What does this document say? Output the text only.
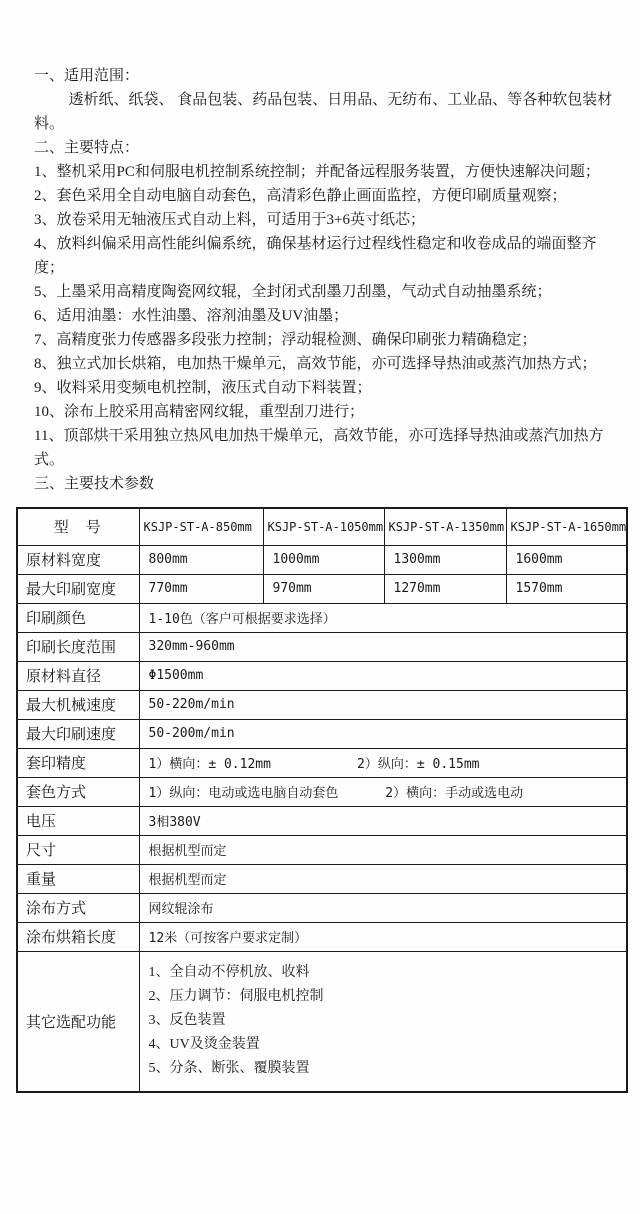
一、适用范围：

透析纸、纸袋、 食品包装、药品包装、日用品、无纺布、工业品、等各种软包装材料。

二、主要特点：

1、整机采用PC和伺服电机控制系统控制；并配备远程服务装置，方便快速解决问题；

2、套色采用全自动电脑自动套色，高清彩色静止画面监控，方便印刷质量观察；

3、放卷采用无轴液压式自动上料，可适用于3+6英寸纸芯；

4、放料纠偏采用高性能纠偏系统，确保基材运行过程线性稳定和收卷成品的端面整齐度；

5、上墨采用高精度陶瓷网纹辊，全封闭式刮墨刀刮墨，气动式自动抽墨系统；

6、适用油墨：水性油墨、溶剂油墨及UV油墨；

7、高精度张力传感器多段张力控制；浮动辊检测、确保印刷张力精确稳定；

8、独立式加长烘箱，电加热干燥单元，高效节能，亦可选择导热油或蒸汽加热方式；

9、收料采用变频电机控制，液压式自动下料装置；

10、涂布上胶采用高精密网纹辊，重型刮刀进行；

11、顶部烘干采用独立热风电加热干燥单元，高效节能，亦可选择导热油或蒸汽加热方式。

三、主要技术参数

型　号	KSJP-ST-A-850mm	KSJP-ST-A-1050mm	KSJP-ST-A-1350mm	KSJP-ST-A-1650mm
原材料宽度	800mm	1000mm	1300mm	1600mm
最大印刷宽度	770mm	970mm	1270mm	1570mm
印刷颜色	1-10色（客户可根据要求选择）			
印刷长度范围	320mm-960mm			
原材料直径	Φ1500mm			
最大机械速度	50-220m/min			
最大印刷速度	50-200m/min			
套印精度	1）横向：± 0.12mm           2）纵向：± 0.15mm			
套色方式	1）纵向：电动或选电脑自动套色      2）横向：手动或选电动			
电压	3相380V			
尺寸	根据机型而定			
重量	根据机型而定			
涂布方式	网纹辊涂布			
涂布烘箱长度	12米（可按客户要求定制）			
其它选配功能	1、全自动不停机放、收料
2、压力调节：伺服电机控制
3、反色装置
4、UV及烫金装置
5、分条、断张、覆膜装置			
